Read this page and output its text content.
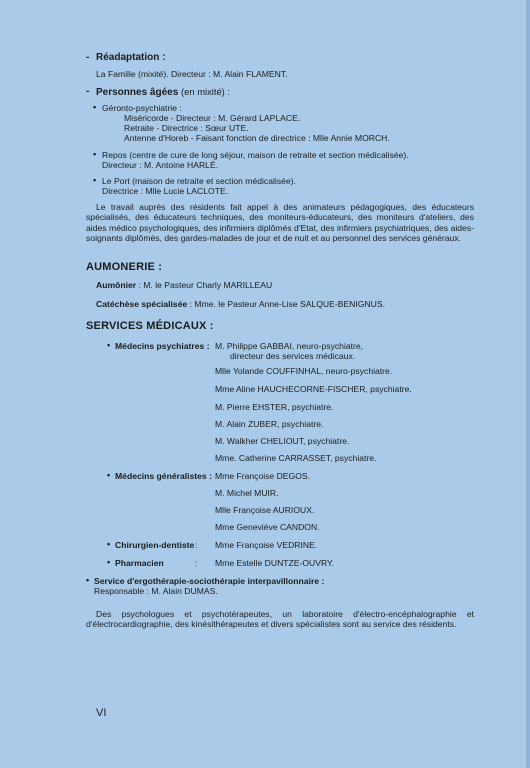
- Réadaptation :
La Famille (mixité). Directeur : M. Alain FLAMENT.
- Personnes âgées (en mixité) :
• Géronto-psychiatrie :
Miséricorde - Directeur : M. Gérard LAPLACE.
Retraite - Directrice : Sœur UTE.
Antenne d'Horeb - Faisant fonction de directrice : Mlle Annie MORCH.
• Repos (centre de cure de long séjour, maison de retraite et section médicalisée).
Directeur : M. Antoine HARLÉ.
• Le Port (maison de retraite et section médicalisée).
Directrice : Mlle Lucie LACLOTE.
Le travail auprès des résidents fait appel à des animateurs pédagogiques, des éducateurs spécialisés, des éducateurs techniques, des moniteurs-éducateurs, des moniteurs d'ateliers, des aides médico psychologiques, des infirmiers diplômés d'Etat, des infirmiers psychiatriques, des aides-soignants diplômés, des gardes-malades de jour et de nuit et au personnel des services généraux.
AUMONERIE :
Aumônier : M. le Pasteur Charly MARILLEAU
Catéchèse spécialisée : Mme. le Pasteur Anne-Lise SALQUE-BENIGNUS.
SERVICES MÉDICAUX :
• Médecins psychiatres : M. Philippe GABBAI, neuro-psychiatre,
directeur des services médicaux.
Mlle Yolande COUFFINHAL, neuro-psychiatre.
Mme Aline HAUCHECORNE-FISCHER, psychiatre.
M. Pierre EHSTER, psychiatre.
M. Alain ZUBER, psychiatre.
M. Walkher CHELIOUT, psychiatre.
Mme. Catherine CARRASSET, psychiatre.
• Médecins généralistes : Mme Françoise DEGOS.
M. Michel MUIR.
Mlle Françoise AURIOUX.
Mme Geneviève CANDON.
• Chirurgien-dentiste : Mme Françoise VEDRINE.
• Pharmacien	: Mme Estelle DUNTZE-OUVRY.
• Service d'ergothérapie-sociothérapie interpavillonnaire :
Responsable : M. Alain DUMAS.
Des psychologues et psychotérapeutes, un laboratoire d'électro-encéphalographie et d'électrocardiographie, des kinésithérapeutes et divers spécialistes sont au service des résidents.
VI
